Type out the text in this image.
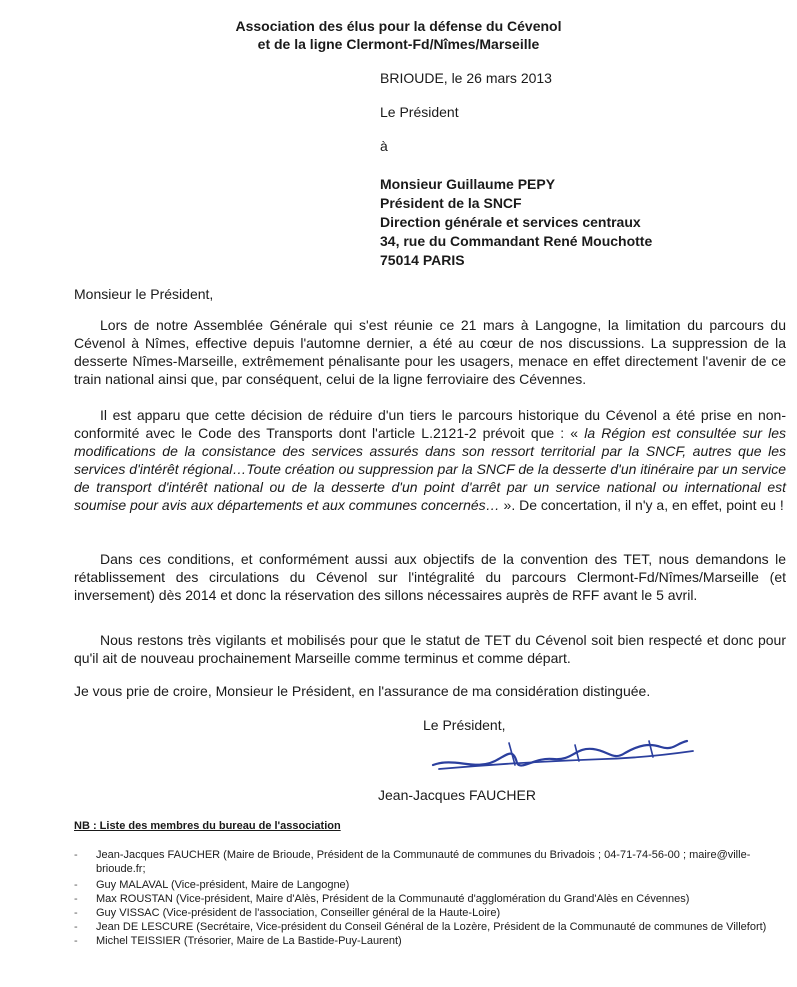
Association des élus pour la défense du Cévenol
et de la ligne Clermont-Fd/Nîmes/Marseille
BRIOUDE, le 26 mars 2013
Le Président
à
Monsieur Guillaume PEPY
Président de la SNCF
Direction générale et services centraux
34, rue du Commandant René Mouchotte
75014 PARIS
Monsieur le Président,
Lors de notre Assemblée Générale qui s'est réunie ce 21 mars à Langogne, la limitation du parcours du Cévenol à Nîmes, effective depuis l'automne dernier, a été au cœur de nos discussions. La suppression de la desserte Nîmes-Marseille, extrêmement pénalisante pour les usagers, menace en effet directement l'avenir de ce train national ainsi que, par conséquent, celui de la ligne ferroviaire des Cévennes.
Il est apparu que cette décision de réduire d'un tiers le parcours historique du Cévenol a été prise en non-conformité avec le Code des Transports dont l'article L.2121-2 prévoit que : « la Région est consultée sur les modifications de la consistance des services assurés dans son ressort territorial par la SNCF, autres que les services d'intérêt régional…Toute création ou suppression par la SNCF de la desserte d'un itinéraire par un service de transport d'intérêt national ou de la desserte d'un point d'arrêt par un service national ou international est soumise pour avis aux départements et aux communes concernés… ». De concertation, il n'y a, en effet, point eu !
Dans ces conditions, et conformément aussi aux objectifs de la convention des TET, nous demandons le rétablissement des circulations du Cévenol sur l'intégralité du parcours Clermont-Fd/Nîmes/Marseille (et inversement) dès 2014 et donc la réservation des sillons nécessaires auprès de RFF avant le 5 avril.
Nous restons très vigilants et mobilisés pour que le statut de TET du Cévenol soit bien respecté et donc pour qu'il ait de nouveau prochainement Marseille comme terminus et comme départ.
Je vous prie de croire, Monsieur le Président, en l'assurance de ma considération distinguée.
Le Président,
Jean-Jacques FAUCHER
NB : Liste des membres du bureau de l'association
- Jean-Jacques FAUCHER (Maire de Brioude, Président de la Communauté de communes du Brivadois ; 04-71-74-56-00 ; maire@ville-brioude.fr;
- Guy MALAVAL (Vice-président, Maire de Langogne)
- Max ROUSTAN (Vice-président, Maire d'Alès, Président de la Communauté d'agglomération du Grand'Alès en Cévennes)
- Guy VISSAC (Vice-président de l'association, Conseiller général de la Haute-Loire)
- Jean DE LESCURE (Secrétaire, Vice-président du Conseil Général de la Lozère, Président de la Communauté de communes de Villefort)
- Michel TEISSIER (Trésorier, Maire de La Bastide-Puy-Laurent)
